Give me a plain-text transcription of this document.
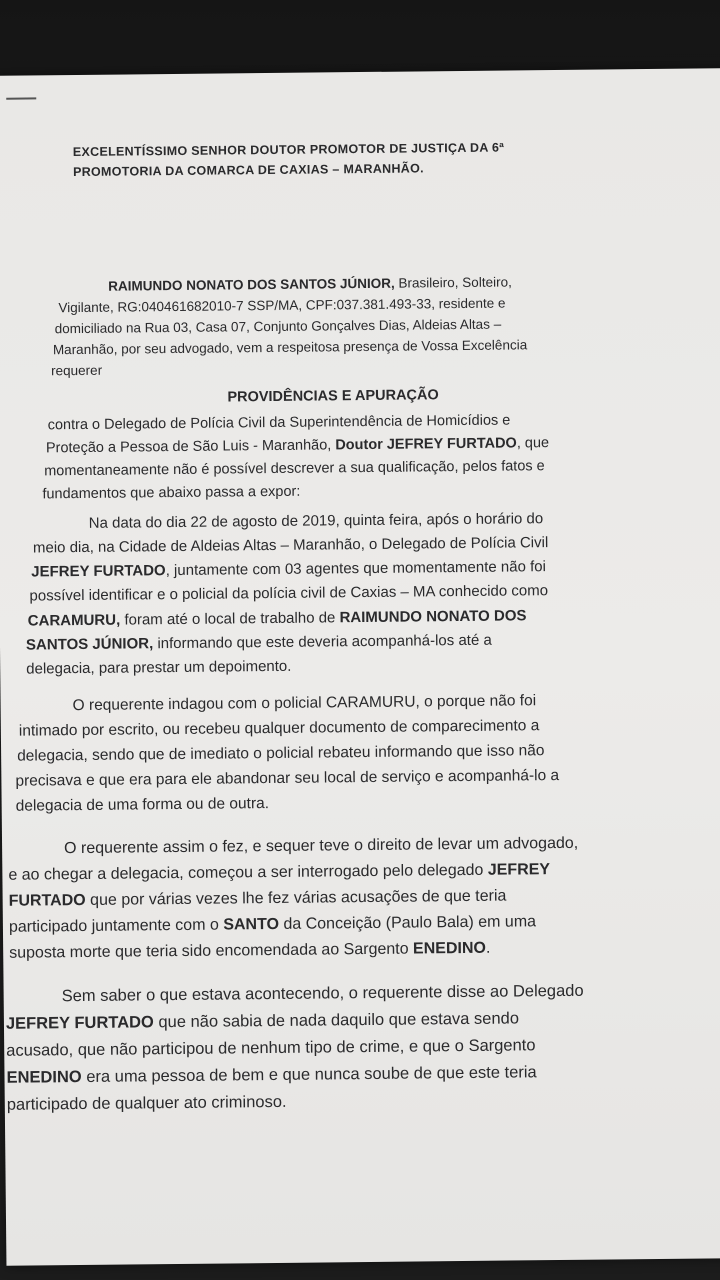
EXCELENTÍSSIMO SENHOR DOUTOR PROMOTOR DE JUSTIÇA DA 6ª
PROMOTORIA DA COMARCA DE CAXIAS – MARANHÃO.
RAIMUNDO NONATO DOS SANTOS JÚNIOR, Brasileiro, Solteiro,
Vigilante, RG:040461682010-7 SSP/MA, CPF:037.381.493-33, residente e
domiciliado na Rua 03, Casa 07, Conjunto Gonçalves Dias, Aldeias Altas –
Maranhão, por seu advogado, vem a respeitosa presença de Vossa Excelência
requerer
PROVIDÊNCIAS E APURAÇÃO
contra o Delegado de Polícia Civil da Superintendência de Homicídios e
Proteção a Pessoa de São Luis - Maranhão, Doutor JEFREY FURTADO, que
momentaneamente não é possível descrever a sua qualificação, pelos fatos e
fundamentos que abaixo passa a expor:
Na data do dia 22 de agosto de 2019, quinta feira, após o horário do
meio dia, na Cidade de Aldeias Altas – Maranhão, o Delegado de Polícia Civil
JEFREY FURTADO, juntamente com 03 agentes que momentamente não foi
possível identificar e o policial da polícia civil de Caxias – MA conhecido como
CARAMURU, foram até o local de trabalho de RAIMUNDO NONATO DOS
SANTOS JÚNIOR, informando que este deveria acompanhá-los até a
delegacia, para prestar um depoimento.
O requerente indagou com o policial CARAMURU, o porque não foi
intimado por escrito, ou recebeu qualquer documento de comparecimento a
delegacia, sendo que de imediato o policial rebateu informando que isso não
precisava e que era para ele abandonar seu local de serviço e acompanhá-lo a
delegacia de uma forma ou de outra.
O requerente assim o fez, e sequer teve o direito de levar um advogado,
e ao chegar a delegacia, começou a ser interrogado pelo delegado JEFREY
FURTADO que por várias vezes lhe fez várias acusações de que teria
participado juntamente com o SANTO da Conceição (Paulo Bala) em uma
suposta morte que teria sido encomendada ao Sargento ENEDINO.
Sem saber o que estava acontecendo, o requerente disse ao Delegado
JEFREY FURTADO que não sabia de nada daquilo que estava sendo
acusado, que não participou de nenhum tipo de crime, e que o Sargento
ENEDINO era uma pessoa de bem e que nunca soube de que este teria
participado de qualquer ato criminoso.
